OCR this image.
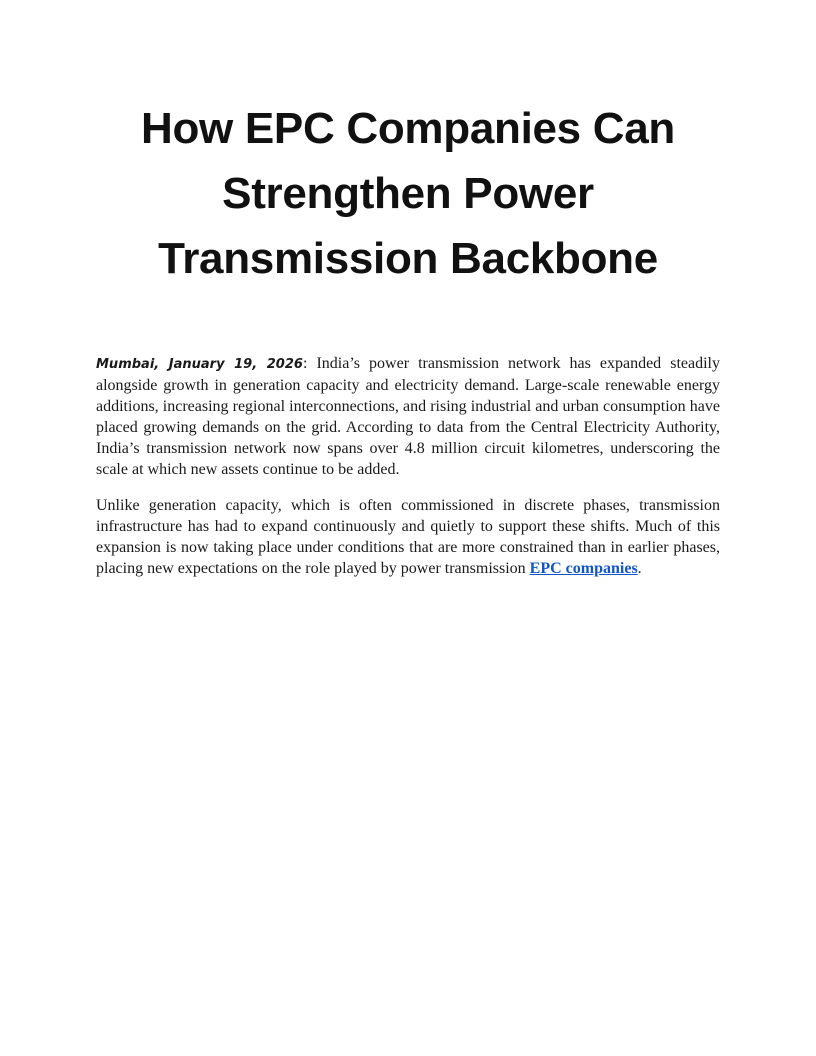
How EPC Companies Can Strengthen Power Transmission Backbone

Mumbai, January 19, 2026: India’s power transmission network has expanded steadily alongside growth in generation capacity and electricity demand. Large-scale renewable energy additions, increasing regional interconnections, and rising industrial and urban consumption have placed growing demands on the grid. According to data from the Central Electricity Authority, India’s transmission network now spans over 4.8 million circuit kilometres, underscoring the scale at which new assets continue to be added.

Unlike generation capacity, which is often commissioned in discrete phases, transmission infrastructure has had to expand continuously and quietly to support these shifts. Much of this expansion is now taking place under conditions that are more constrained than in earlier phases, placing new expectations on the role played by power transmission EPC companies.
